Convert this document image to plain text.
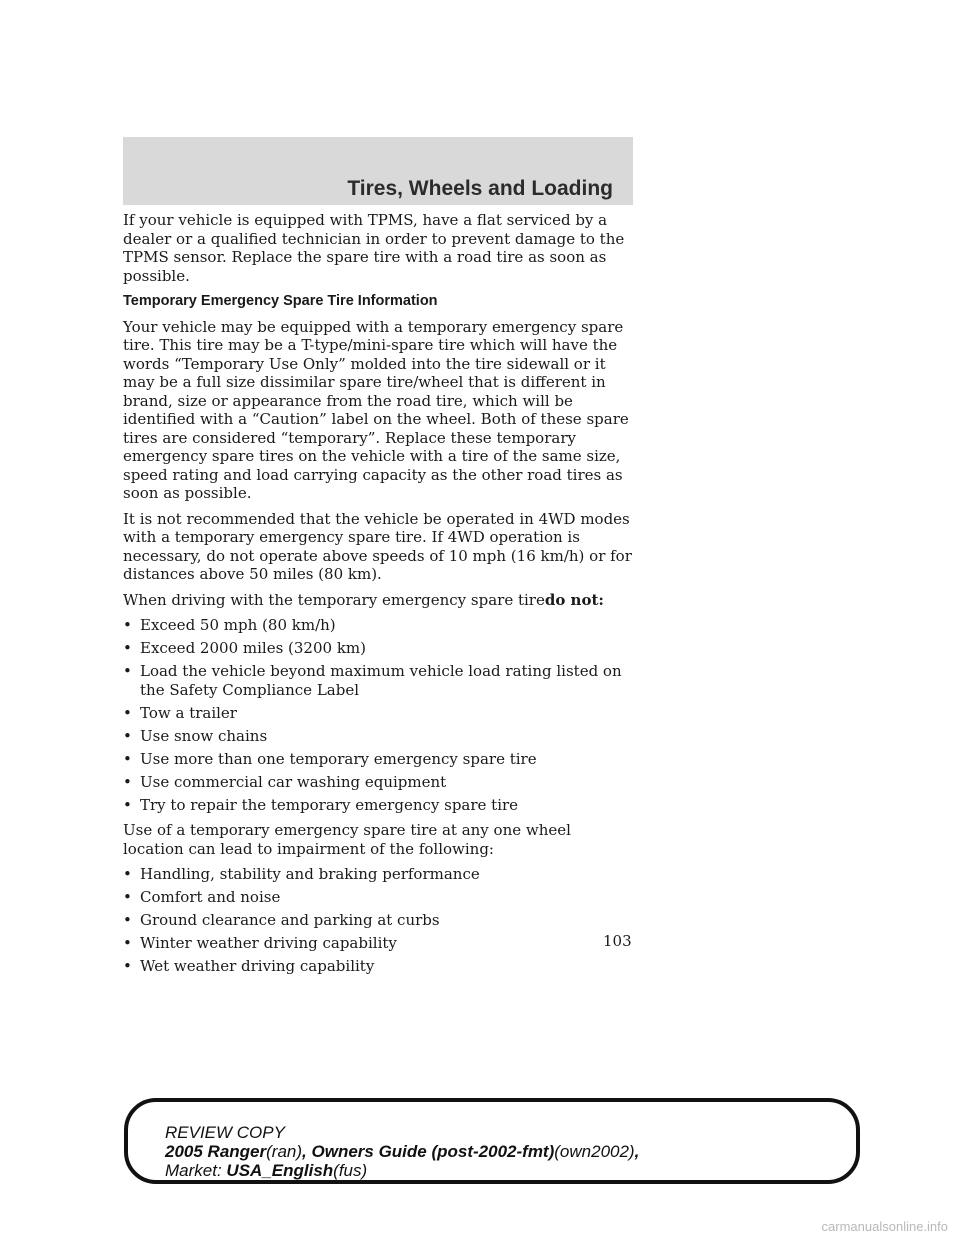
Tires, Wheels and Loading

If your vehicle is equipped with TPMS, have a flat serviced by a dealer or a qualified technician in order to prevent damage to the TPMS sensor. Replace the spare tire with a road tire as soon as possible.

Temporary Emergency Spare Tire Information

Your vehicle may be equipped with a temporary emergency spare tire. This tire may be a T-type/mini-spare tire which will have the words “Temporary Use Only” molded into the tire sidewall or it may be a full size dissimilar spare tire/wheel that is different in brand, size or appearance from the road tire, which will be identified with a “Caution” label on the wheel. Both of these spare tires are considered “temporary”. Replace these temporary emergency spare tires on the vehicle with a tire of the same size, speed rating and load carrying capacity as the other road tires as soon as possible.

It is not recommended that the vehicle be operated in 4WD modes with a temporary emergency spare tire. If 4WD operation is necessary, do not operate above speeds of 10 mph (16 km/h) or for distances above 50 miles (80 km).

When driving with the temporary emergency spare tiredo not:

• Exceed 50 mph (80 km/h)
• Exceed 2000 miles (3200 km)
• Load the vehicle beyond maximum vehicle load rating listed on the Safety Compliance Label
• Tow a trailer
• Use snow chains
• Use more than one temporary emergency spare tire
• Use commercial car washing equipment
• Try to repair the temporary emergency spare tire

Use of a temporary emergency spare tire at any one wheel location can lead to impairment of the following:

• Handling, stability and braking performance
• Comfort and noise
• Ground clearance and parking at curbs
• Winter weather driving capability
• Wet weather driving capability
103
REVIEW COPY
2005 Ranger(ran), Owners Guide (post-2002-fmt)(own2002),
Market: USA_English(fus)
carmanualsonline.info
